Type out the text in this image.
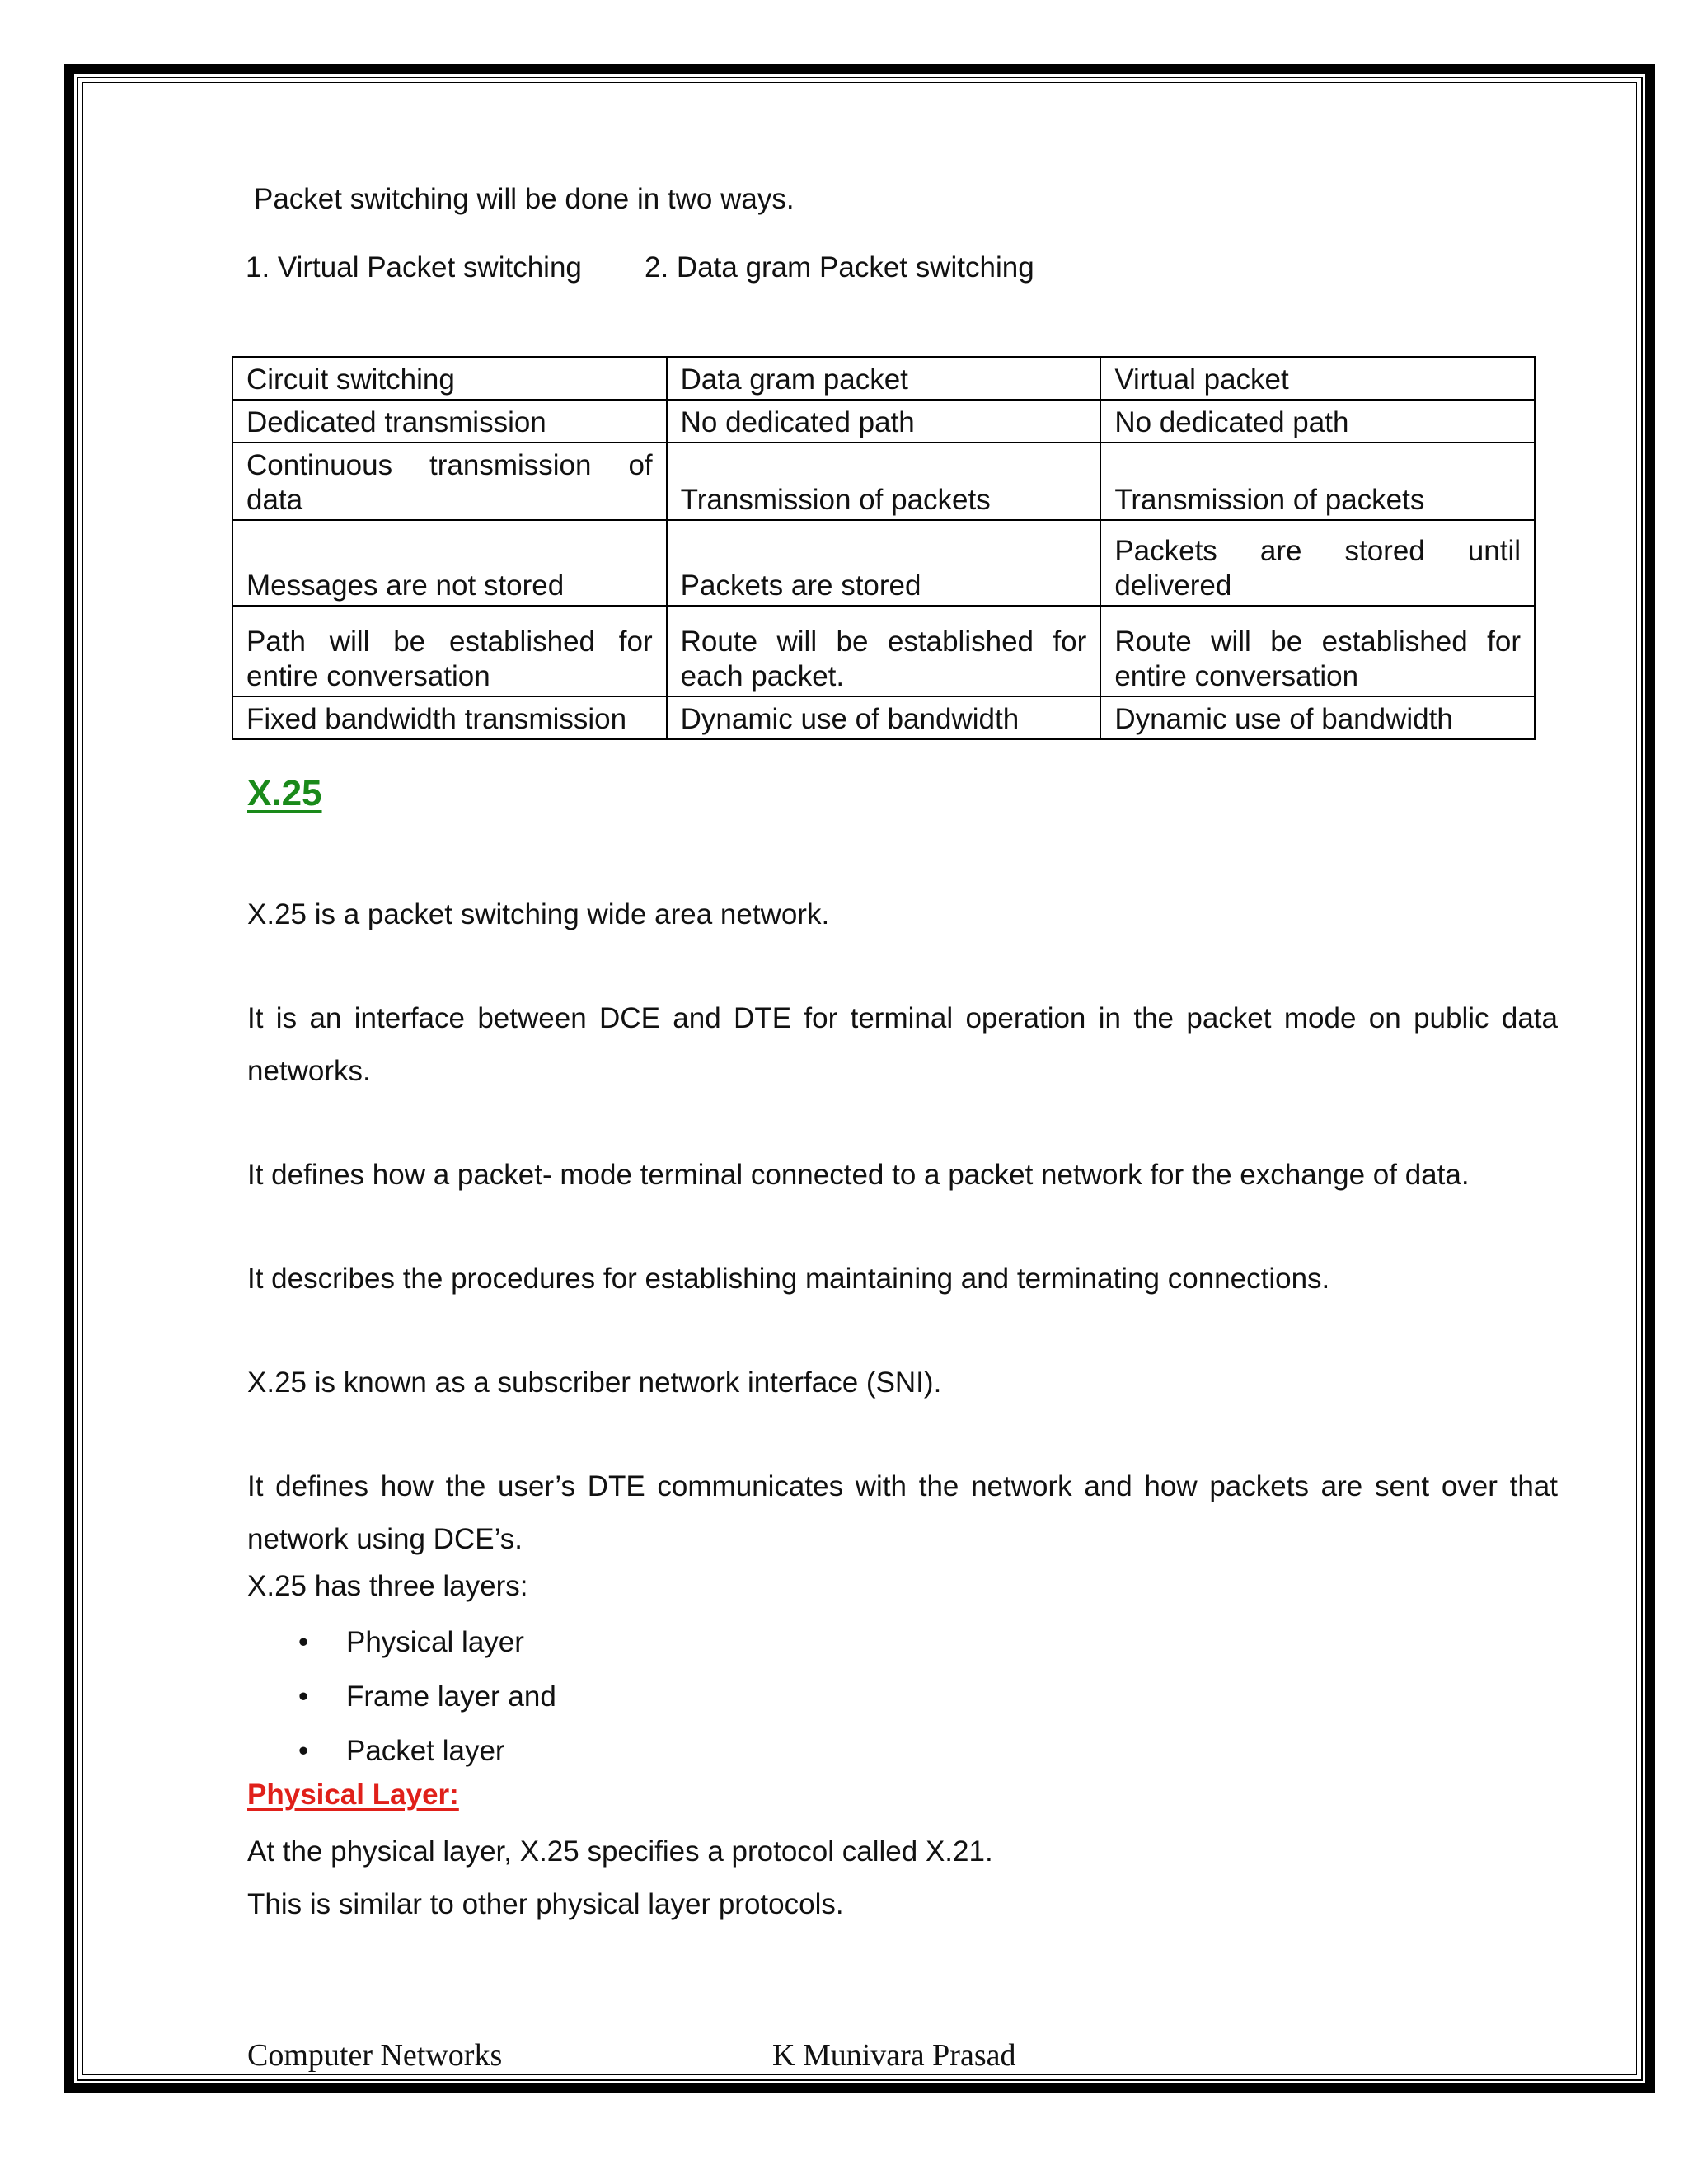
Packet switching will be done in two ways.
1. Virtual Packet switching 2. Data gram Packet switching
Circuit switching	Data gram packet	Virtual packet
Dedicated transmission	No dedicated path	No dedicated path
Continuous transmission of data	Transmission of packets	Transmission of packets
Messages are not stored	Packets are stored	Packets are stored until delivered
Path will be established for entire conversation	Route will be established for each packet.	Route will be established for entire conversation
Fixed bandwidth transmission	Dynamic use of bandwidth	Dynamic use of bandwidth
X.25
X.25 is a packet switching wide area network.
It is an interface between DCE and DTE for terminal operation in the packet mode on public data networks.
It defines how a packet- mode terminal connected to a packet network for the exchange of data.
It describes the procedures for establishing maintaining and terminating connections.
X.25 is known as a subscriber network interface (SNI).
It defines how the user’s DTE communicates with the network and how packets are sent over that network using DCE’s.
X.25 has three layers:
• Physical layer
• Frame layer and
• Packet layer
Physical Layer:
At the physical layer, X.25 specifies a protocol called X.21.
This is similar to other physical layer protocols.
Computer Networks	K Munivara Prasad
